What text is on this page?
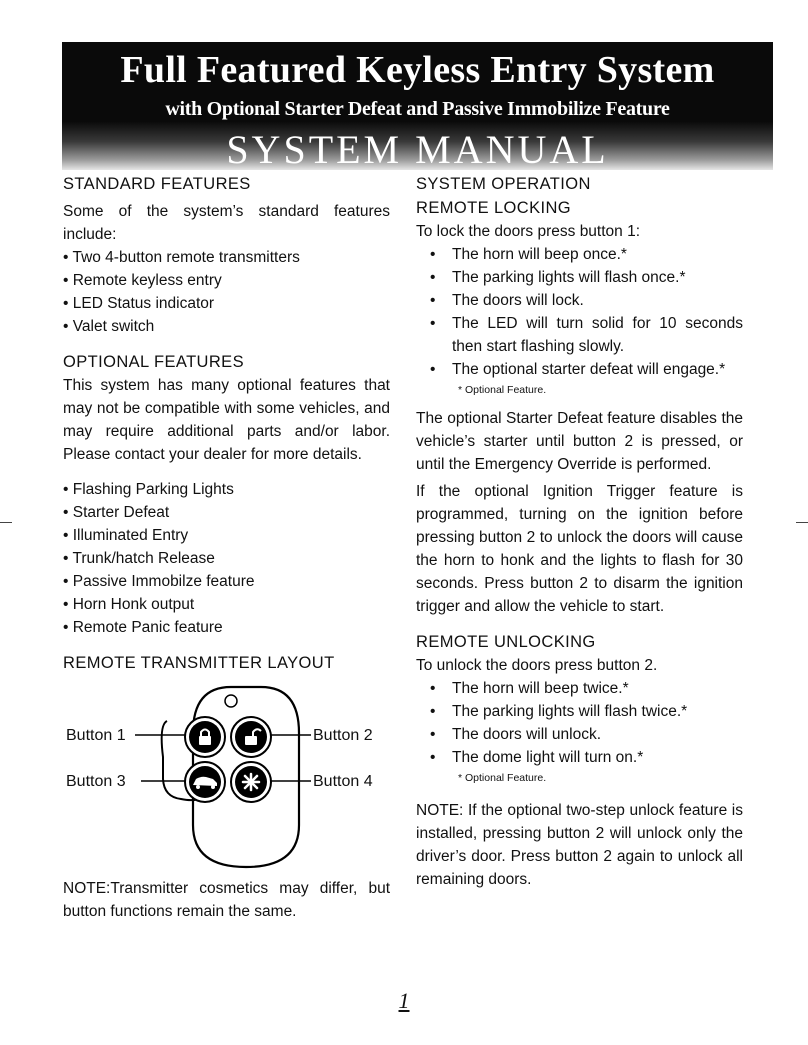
Full Featured Keyless Entry System
with Optional Starter Defeat and Passive Immobilize Feature
SYSTEM MANUAL

STANDARD FEATURES

Some of the system’s standard features include:

• Two 4-button remote transmitters
• Remote keyless entry
• LED Status indicator
• Valet switch

OPTIONAL FEATURES

This system has many optional features that may not be compatible with some vehicles, and may require additional parts and/or labor. Please contact your dealer for more details.

• Flashing Parking Lights
• Starter Defeat
• Illuminated Entry
• Trunk/hatch Release
• Passive Immobilze feature
• Horn Honk output
• Remote Panic feature

REMOTE TRANSMITTER LAYOUT

Button 1	Button 2
Button 3	Button 4

NOTE:Transmitter cosmetics may differ, but button functions remain the same.

SYSTEM OPERATION

REMOTE LOCKING

To lock the doors press button 1:

• The horn will beep once.*
• The parking lights will flash once.*
• The doors will lock.
• The LED will turn solid for 10 seconds then start flashing slowly.
• The optional starter defeat will engage.*
* Optional Feature.

The optional Starter Defeat feature disables the vehicle’s starter until button 2 is pressed, or until the Emergency Override is performed.

If the optional Ignition Trigger feature is programmed, turning on the ignition before pressing button 2 to unlock the doors will cause the horn to honk and the lights to flash for 30 seconds. Press button 2 to disarm the ignition trigger and allow the vehicle to start.

REMOTE UNLOCKING

To unlock the doors press button 2.

• The horn will beep twice.*
• The parking lights will flash twice.*
• The doors will unlock.
• The dome light will turn on.*
* Optional Feature.

NOTE: If the optional two-step unlock feature is installed, pressing button 2 will unlock only the driver’s door. Press button 2 again to unlock all remaining doors.

1
